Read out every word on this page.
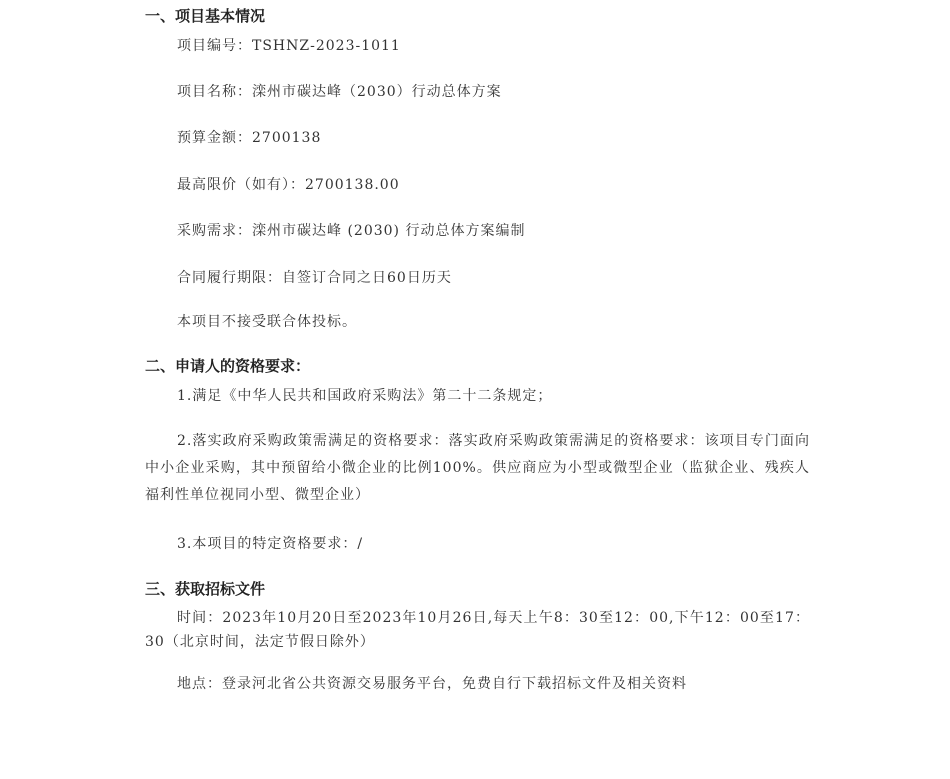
一、项目基本情况

项目编号：TSHNZ-2023-1011

项目名称：滦州市碳达峰（2030）行动总体方案

预算金额：2700138

最高限价（如有）：2700138.00

采购需求：滦州市碳达峰 (2030) 行动总体方案编制

合同履行期限：自签订合同之日60日历天

本项目不接受联合体投标。

二、申请人的资格要求：

1.满足《中华人民共和国政府采购法》第二十二条规定；

2.落实政府采购政策需满足的资格要求：落实政府采购政策需满足的资格要求：该项目专门面向中小企业采购，其中预留给小微企业的比例100%。供应商应为小型或微型企业（监狱企业、残疾人福利性单位视同小型、微型企业）

3.本项目的特定资格要求：/

三、获取招标文件

时间：2023年10月20日至2023年10月26日,每天上午8：30至12：00,下午12：00至17：30（北京时间，法定节假日除外）

地点：登录河北省公共资源交易服务平台，免费自行下载招标文件及相关资料
